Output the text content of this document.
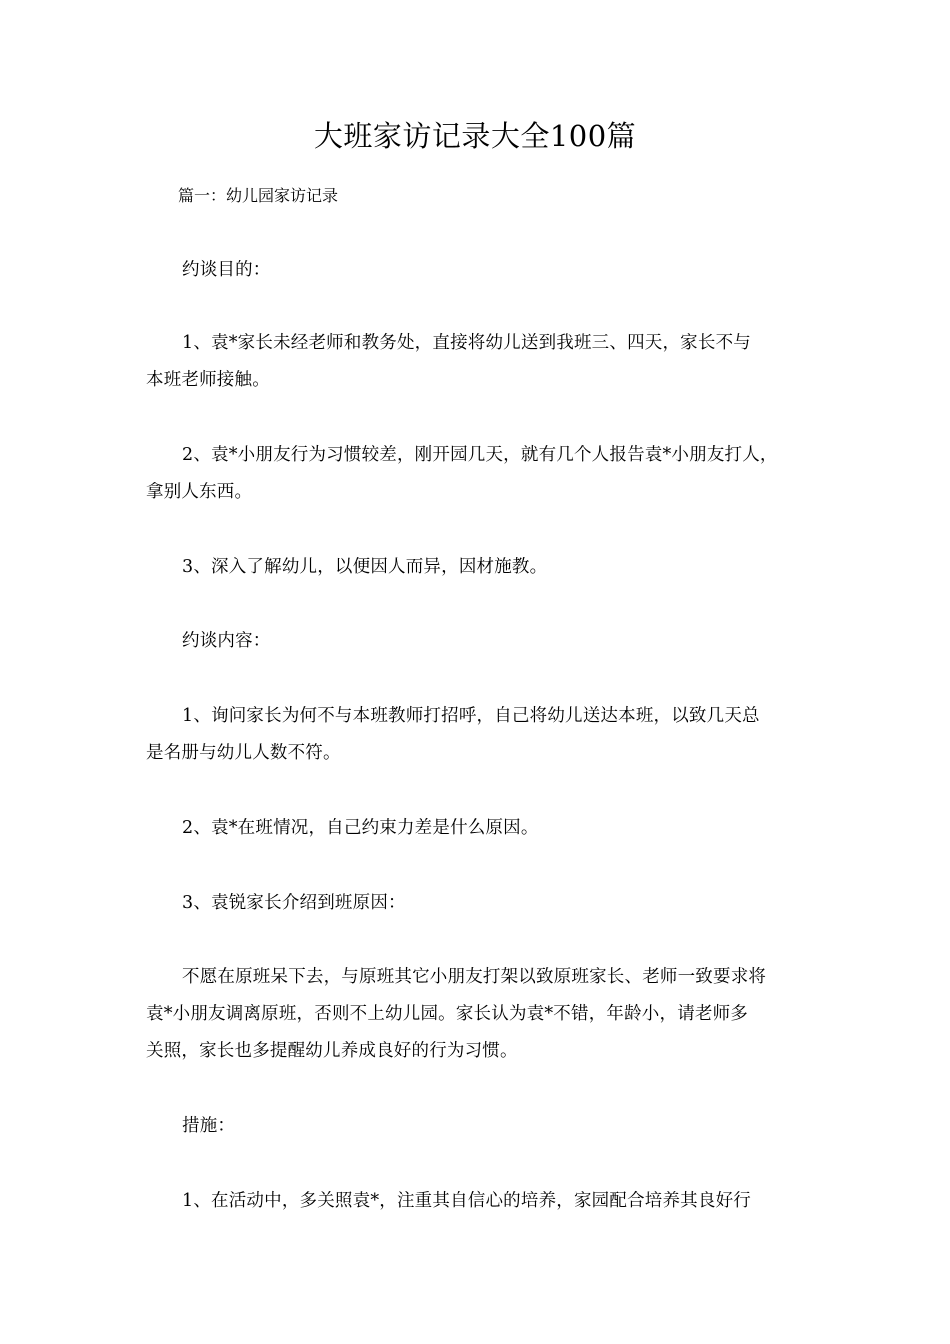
大班家访记录大全100篇
篇一：幼儿园家访记录
约谈目的：
1、袁*家长未经老师和教务处，直接将幼儿送到我班三、四天，家长不与
本班老师接触。
2、袁*小朋友行为习惯较差，刚开园几天，就有几个人报告袁*小朋友打人，
拿别人东西。
3、深入了解幼儿，以便因人而异，因材施教。
约谈内容：
1、询问家长为何不与本班教师打招呼，自己将幼儿送达本班，以致几天总
是名册与幼儿人数不符。
2、袁*在班情况，自己约束力差是什么原因。
3、袁锐家长介绍到班原因：
不愿在原班呆下去，与原班其它小朋友打架以致原班家长、老师一致要求将
袁*小朋友调离原班，否则不上幼儿园。家长认为袁*不错，年龄小，请老师多
关照，家长也多提醒幼儿养成良好的行为习惯。
措施：
1、在活动中，多关照袁*，注重其自信心的培养，家园配合培养其良好行
